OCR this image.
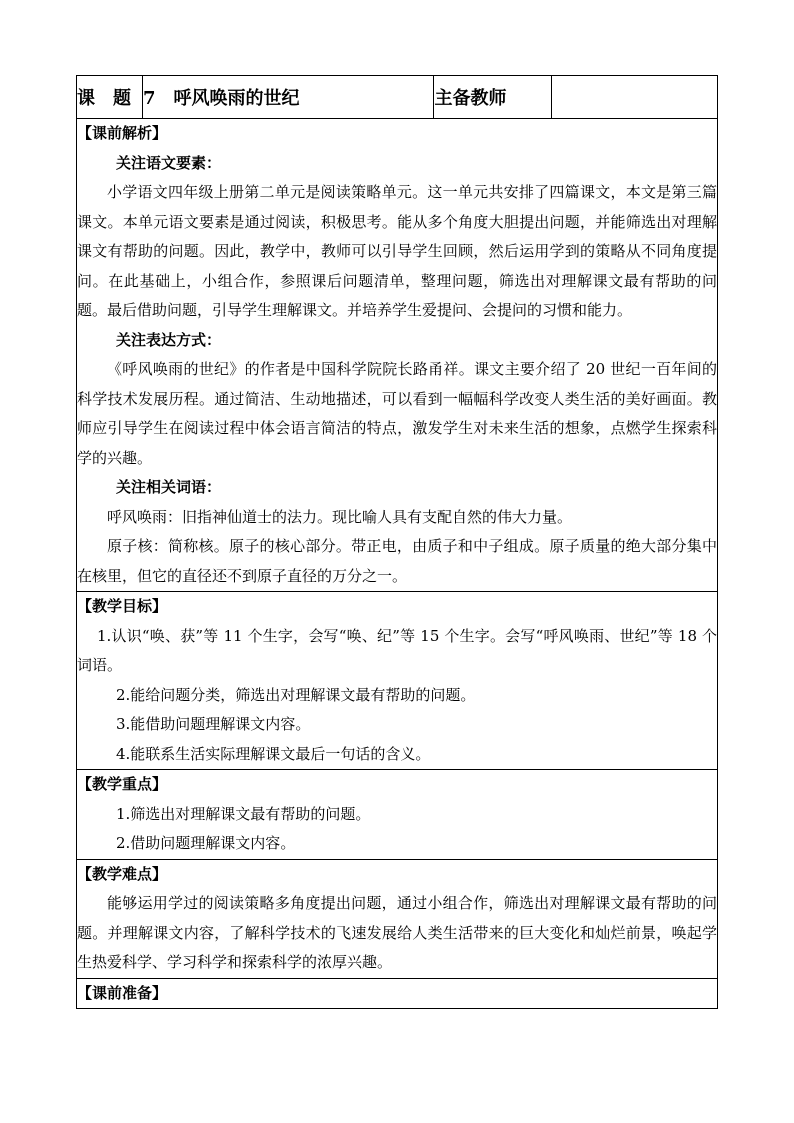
课　题	7　呼风唤雨的世纪	主备教师	

【课前解析】

关注语文要素：

小学语文四年级上册第二单元是阅读策略单元。这一单元共安排了四篇课文，本文是第三篇课文。本单元语文要素是通过阅读，积极思考。能从多个角度大胆提出问题，并能筛选出对理解课文有帮助的问题。因此，教学中，教师可以引导学生回顾，然后运用学到的策略从不同角度提问。在此基础上，小组合作，参照课后问题清单，整理问题，筛选出对理解课文最有帮助的问题。最后借助问题，引导学生理解课文。并培养学生爱提问、会提问的习惯和能力。

关注表达方式：

《呼风唤雨的世纪》的作者是中国科学院院长路甬祥。课文主要介绍了 20 世纪一百年间的科学技术发展历程。通过简洁、生动地描述，可以看到一幅幅科学改变人类生活的美好画面。教师应引导学生在阅读过程中体会语言简洁的特点，激发学生对未来生活的想象，点燃学生探索科学的兴趣。

关注相关词语：

呼风唤雨：旧指神仙道士的法力。现比喻人具有支配自然的伟大力量。

原子核：简称核。原子的核心部分。带正电，由质子和中子组成。原子质量的绝大部分集中在核里，但它的直径还不到原子直径的万分之一。

【教学目标】

1.认识“唤、获”等 11 个生字，会写“唤、纪”等 15 个生字。会写“呼风唤雨、世纪”等 18 个词语。

2.能给问题分类，筛选出对理解课文最有帮助的问题。

3.能借助问题理解课文内容。

4.能联系生活实际理解课文最后一句话的含义。

【教学重点】

1.筛选出对理解课文最有帮助的问题。

2.借助问题理解课文内容。

【教学难点】

能够运用学过的阅读策略多角度提出问题，通过小组合作，筛选出对理解课文最有帮助的问题。并理解课文内容，了解科学技术的飞速发展给人类生活带来的巨大变化和灿烂前景，唤起学生热爱科学、学习科学和探索科学的浓厚兴趣。

【课前准备】
